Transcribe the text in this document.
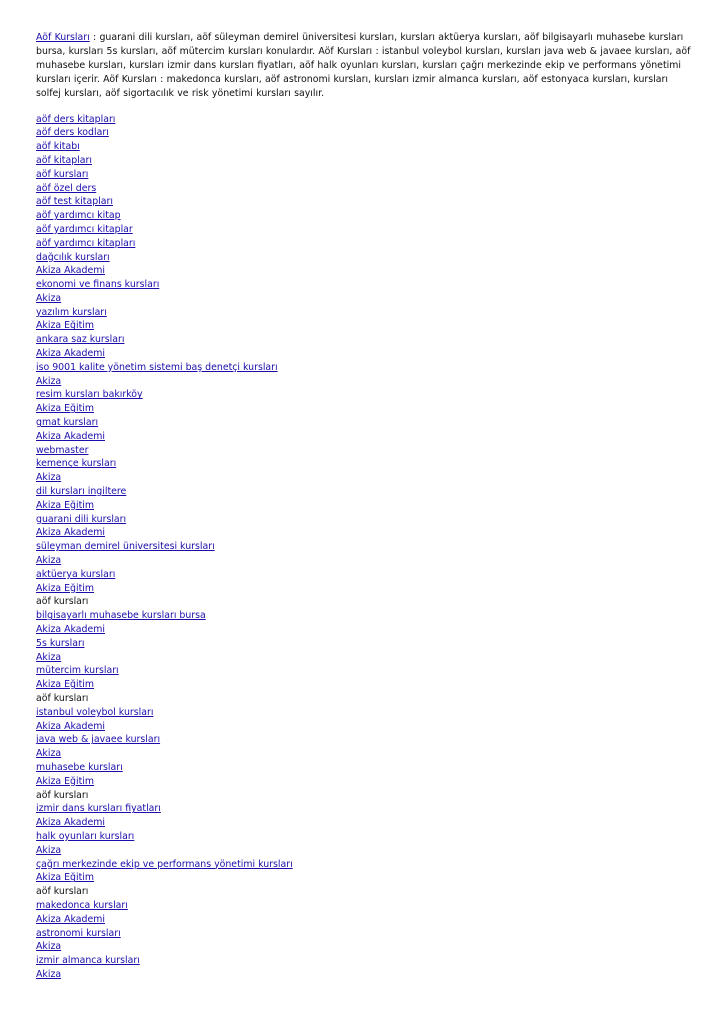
Aöf Kursları : guarani dili kursları, aöf süleyman demirel üniversitesi kursları, kursları aktüerya kursları, aöf bilgisayarlı muhasebe kursları bursa, kursları 5s kursları, aöf mütercim kursları konulardır. Aöf Kursları : istanbul voleybol kursları, kursları java web & javaee kursları, aöf muhasebe kursları, kursları izmir dans kursları fiyatları, aöf halk oyunları kursları, kursları çağrı merkezinde ekip ve performans yönetimi kursları içerir. Aöf Kursları : makedonca kursları, aöf astronomi kursları, kursları izmir almanca kursları, aöf estonyaca kursları, kursları solfej kursları, aöf sigortacılık ve risk yönetimi kursları sayılır.

aöf ders kitapları
aöf ders kodları
aöf kitabı
aöf kitapları
aöf kursları
aöf özel ders
aöf test kitapları
aöf yardımcı kitap
aöf yardımcı kitaplar
aöf yardımcı kitapları
dağcılık kursları
Akiza Akademi
ekonomi ve finans kursları
Akiza
yazılım kursları
Akiza Eğitim
ankara saz kursları
Akiza Akademi
iso 9001 kalite yönetim sistemi baş denetçi kursları
Akiza
resim kursları bakırköy
Akiza Eğitim
gmat kursları
Akiza Akademi
webmaster
kemençe kursları
Akiza
dil kursları ingiltere
Akiza Eğitim
guarani dili kursları
Akiza Akademi
süleyman demirel üniversitesi kursları
Akiza
aktüerya kursları
Akiza Eğitim
aöf kursları
bilgisayarlı muhasebe kursları bursa
Akiza Akademi
5s kursları
Akiza
mütercim kursları
Akiza Eğitim
aöf kursları
istanbul voleybol kursları
Akiza Akademi
java web & javaee kursları
Akiza
muhasebe kursları
Akiza Eğitim
aöf kursları
izmir dans kursları fiyatları
Akiza Akademi
halk oyunları kursları
Akiza
çağrı merkezinde ekip ve performans yönetimi kursları
Akiza Eğitim
aöf kursları
makedonca kursları
Akiza Akademi
astronomi kursları
Akiza
izmir almanca kursları
Akiza
